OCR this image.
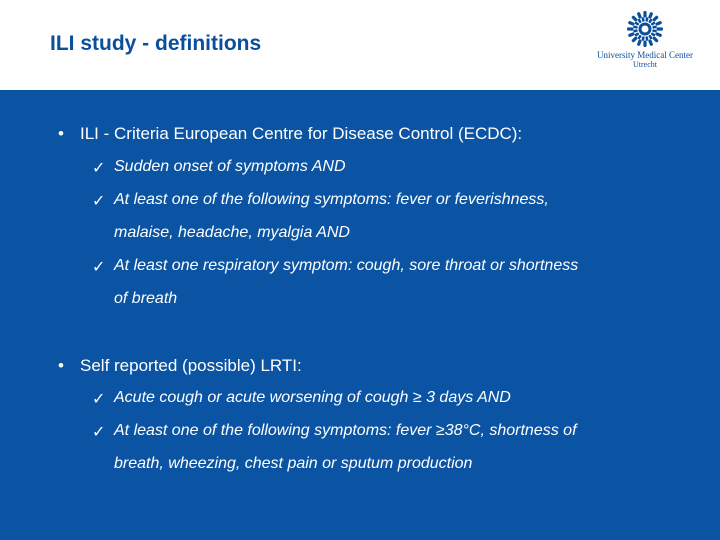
ILI study - definitions	University Medical Center
Utrecht
• ILI - Criteria European Centre for Disease Control (ECDC):
✓ Sudden onset of symptoms AND
✓ At least one of the following symptoms: fever or feverishness,
malaise, headache, myalgia AND
✓ At least one respiratory symptom: cough, sore throat or shortness
of breath
• Self reported (possible) LRTI:
✓ Acute cough or acute worsening of cough ≥ 3 days AND
✓ At least one of the following symptoms: fever ≥38°C, shortness of
breath, wheezing, chest pain or sputum production
